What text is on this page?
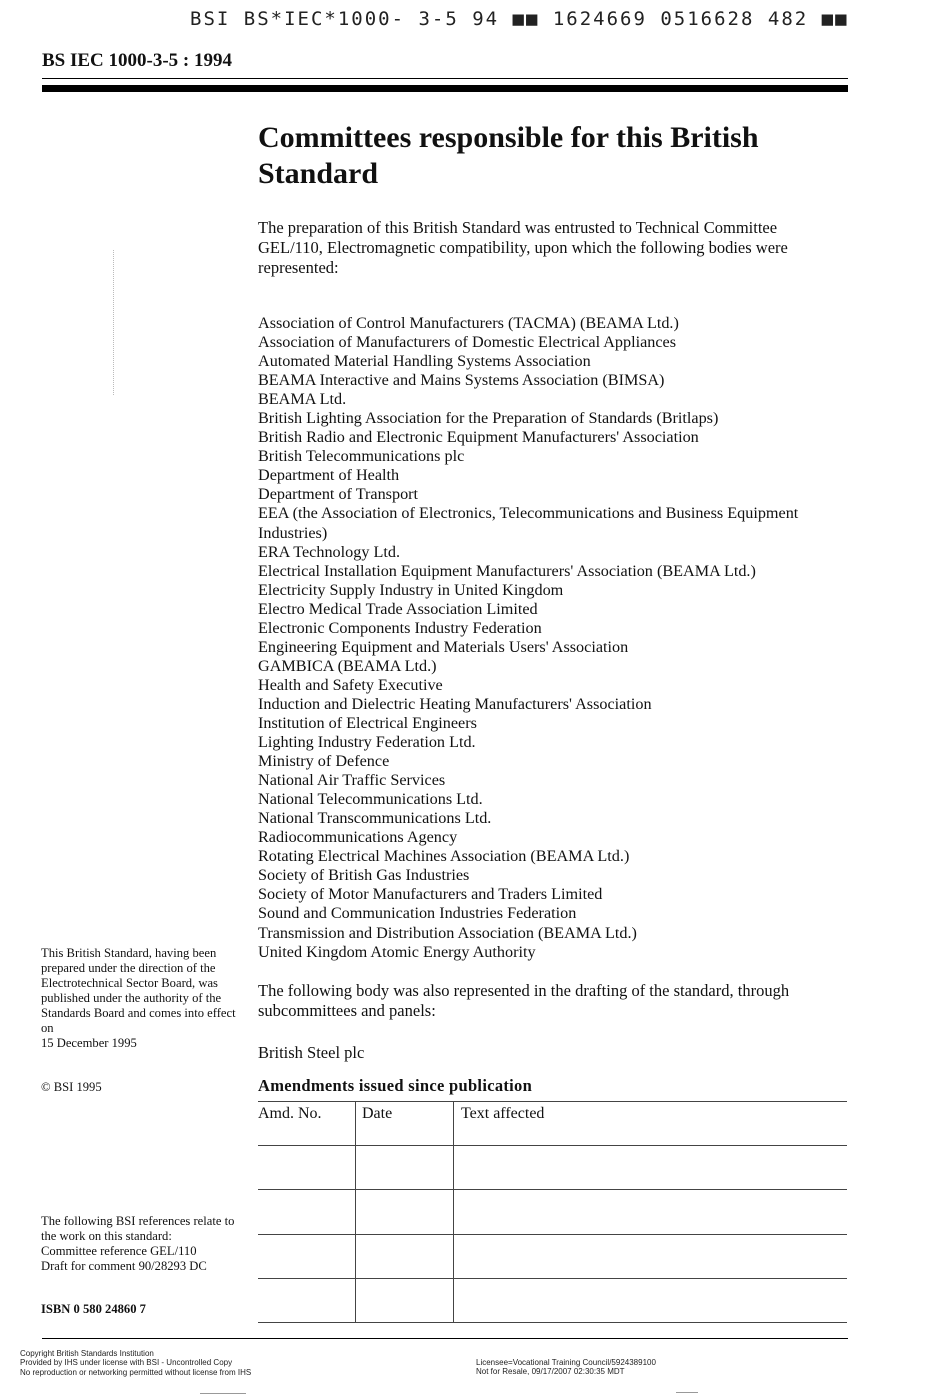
BSI BS*IEC*1000- 3-5 94 ■■ 1624669 0516628 482 ■■
BS IEC 1000-3-5 : 1994
Committees responsible for this British Standard
The preparation of this British Standard was entrusted to Technical Committee GEL/110, Electromagnetic compatibility, upon which the following bodies were represented:
Association of Control Manufacturers (TACMA) (BEAMA Ltd.)
Association of Manufacturers of Domestic Electrical Appliances
Automated Material Handling Systems Association
BEAMA Interactive and Mains Systems Association (BIMSA)
BEAMA Ltd.
British Lighting Association for the Preparation of Standards (Britlaps)
British Radio and Electronic Equipment Manufacturers' Association
British Telecommunications plc
Department of Health
Department of Transport
EEA (the Association of Electronics, Telecommunications and Business Equipment Industries)
ERA Technology Ltd.
Electrical Installation Equipment Manufacturers' Association (BEAMA Ltd.)
Electricity Supply Industry in United Kingdom
Electro Medical Trade Association Limited
Electronic Components Industry Federation
Engineering Equipment and Materials Users' Association
GAMBICA (BEAMA Ltd.)
Health and Safety Executive
Induction and Dielectric Heating Manufacturers' Association
Institution of Electrical Engineers
Lighting Industry Federation Ltd.
Ministry of Defence
National Air Traffic Services
National Telecommunications Ltd.
National Transcommunications Ltd.
Radiocommunications Agency
Rotating Electrical Machines Association (BEAMA Ltd.)
Society of British Gas Industries
Society of Motor Manufacturers and Traders Limited
Sound and Communication Industries Federation
Transmission and Distribution Association (BEAMA Ltd.)
United Kingdom Atomic Energy Authority
The following body was also represented in the drafting of the standard, through subcommittees and panels:
British Steel plc
Amendments issued since publication
Amd. No.	Date	Text affected
This British Standard, having been prepared under the direction of the Electrotechnical Sector Board, was published under the authority of the Standards Board and comes into effect on
15 December 1995
© BSI 1995
The following BSI references relate to the work on this standard:
Committee reference GEL/110
Draft for comment 90/28293 DC
ISBN 0 580 24860 7
Copyright British Standards Institution
Provided by IHS under license with BSI - Uncontrolled Copy
No reproduction or networking permitted without license from IHS
Licensee=Vocational Training Council/5924389100
Not for Resale, 09/17/2007 02:30:35 MDT
